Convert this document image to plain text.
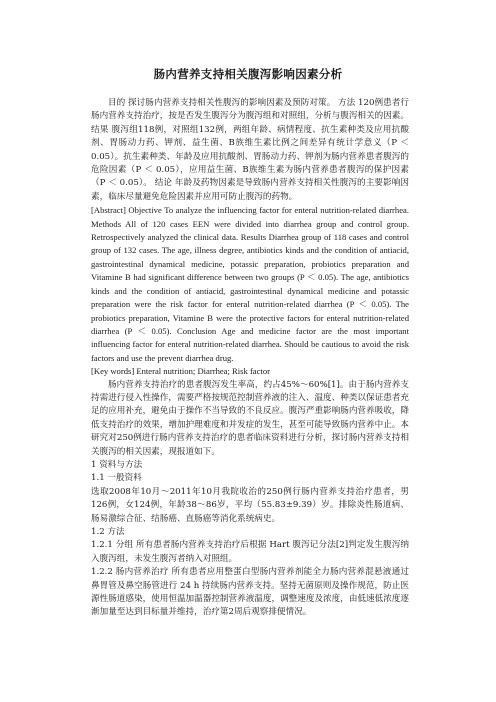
肠内营养支持相关腹泻影响因素分析

目的 探讨肠内营养支持相关性腹泻的影响因素及预防对策。 方法 120例患者行肠内营养支持治疗，按是否发生腹泻分为腹泻组和对照组，分析与腹泻相关的因素。 结果 腹泻组118例，对照组132例，两组年龄、病情程度、抗生素种类及应用抗酸剂、胃肠动力药、钾剂、益生菌、B族维生素比例之间差异有统计学意义（P ＜ 0.05）。抗生素种类、年龄及应用抗酸剂、胃肠动力药、钾剂为肠内营养患者腹泻的危险因素（P ＜ 0.05），应用益生菌、B族维生素为肠内营养患者腹泻的保护因素（P ＜ 0.05）。 结论 年龄及药物因素是导致肠内营养支持相关性腹泻的主要影响因素，临床尽量避免危险因素并应用可防止腹泻的药物。

[Abstract] Objective To analyze the influencing factor for enteral nutrition-related diarrhea. Methods All of 120 cases EEN were divided into diarrhea group and control group. Retrospectively analyzed the clinical data. Results Diarrhea group of 118 cases and control group of 132 cases. The age, illness degree, antibiotics kinds and the condition of antiacid, gastrointestinal dynamical medicine, potassic preparation, probiotics preparation and Vitamine B had significant difference between two groups (P ＜ 0.05). The age, antibiotics kinds and the condition of antiacid, gastrointestinal dynamical medicine and potassic preparation were the risk factor for enteral nutrition-related diarrhea (P ＜ 0.05). The probiotics preparation, Vitamine B were the protective factors for enteral nutrition-related diarrhea (P ＜ 0.05). Conclusion Age and medicine factor are the most important influencing factor for enteral nutrition-related diarrhea. Should be cautious to avoid the risk factors and use the prevent diarrhea drug.

[Key words] Enteral nutrition; Diarrhea; Risk factor

肠内营养支持治疗的患者腹泻发生率高，约占45%～60%[1]。由于肠内营养支持需进行侵入性操作，需要严格按规范控制营养液的注入、温度、种类以保证患者充足的应用补充，避免由于操作不当导致的不良反应。腹泻严重影响肠内营养吸收，降低支持治疗的效果，增加护理难度和并发症的发生，甚至可能导致肠内营养中止。本研究对250例进行肠内营养支持治疗的患者临床资料进行分析，探讨肠内营养支持相关腹泻的相关因素，现报道如下。

1 资料与方法

1.1 一般资料

选取2008年10月～2011年10月我院收治的250例行肠内营养支持治疗患者，男126例，女124例，年龄38～86岁，平均（55.83±9.39）岁。排除炎性肠道病、肠易激综合征、结肠癌、直肠癌等消化系统病史。

1.2 方法

1.2.1 分组 所有患者肠内营养支持治疗后根据 Hart 腹泻记分法[2]判定发生腹泻纳入腹泻组，未发生腹泻者纳入对照组。

1.2.2 肠内营养治疗 所有患者应用整蛋白型肠内营养剂能全力肠内营养混悬液通过鼻胃管及鼻空肠管进行 24 h 持续肠内营养支持。坚持无菌原则及操作规范，防止医源性肠道感染，使用恒温加温器控制营养液温度，调整速度及浓度，由低速低浓度逐渐加量至达到目标量并维持，治疗第2周后观察排便情况。
